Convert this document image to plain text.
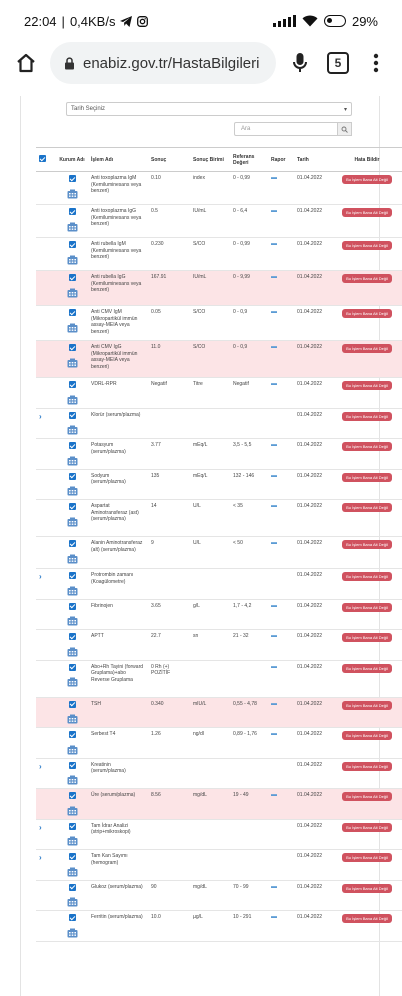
22:04 | 0,4KB/s	29%
enabiz.gov.tr/HastaBilgileri	5
Tarih Seçiniz	▾
Ara
	Kurum Adı	İşlem Adı	Sonuç	Sonuç Birimi	Referans Değeri	Rapor	Tarih	Hata Bildir

	Anti toxoplazma IgM (Kemiluminesans veya benzeri)	0.10	index	0 - 0,99	▬	01.04.2022	Bu İşlem Bana Ait Değil

	Anti toxoplazma IgG (Kemiluminesans veya benzeri)	0.5	IU/mL	0 - 6,4	▬	01.04.2022	Bu İşlem Bana Ait Değil

	Anti rubella IgM (Kemiluminesans veya benzeri)	0.230	S/CO	0 - 0,99	▬	01.04.2022	Bu İşlem Bana Ait Değil

	Anti rubella IgG (Kemiluminesans veya benzeri)	167.91	IU/mL	0 - 9,99	▬	01.04.2022	Bu İşlem Bana Ait Değil

	Anti CMV IgM (Mikropartikül immün assay-MEIA veya benzeri)	0.05	S/CO	0 - 0,9	▬	01.04.2022	Bu İşlem Bana Ait Değil

	Anti CMV IgG (Mikropartikül immün assay-MEIA veya benzeri)	11.0	S/CO	0 - 0,9	▬	01.04.2022	Bu İşlem Bana Ait Değil

	VDRL-RPR	Negatif	Titre	Negatif	▬	01.04.2022	Bu İşlem Bana Ait Değil
›		Klorür (serum/plazma)					01.04.2022	Bu İşlem Bana Ait Değil

	Potasyum (serum/plazma)	3.77	mEq/L	3,5 - 5,5	▬	01.04.2022	Bu İşlem Bana Ait Değil

	Sodyum (serum/plazma)	135	mEq/L	132 - 146	▬	01.04.2022	Bu İşlem Bana Ait Değil

	Aspartat Aminotransferaz (ast) (serum/plazma)	14	U/L	< 35	▬	01.04.2022	Bu İşlem Bana Ait Değil

	Alanin Aminotransferaz (alt) (serum/plazma)	9	U/L	< 50	▬	01.04.2022	Bu İşlem Bana Ait Değil
›		Protrombin zamanı (Koagülometre)					01.04.2022	Bu İşlem Bana Ait Değil

	Fibrinojen	3.65	g/L	1,7 - 4,2	▬	01.04.2022	Bu İşlem Bana Ait Değil

	APTT	22.7	sn	21 - 32	▬	01.04.2022	Bu İşlem Bana Ait Değil

	Abo+Rh Tayini (forward Gruplama)+abo Reverse Gruplama	0 Rh (+) POZİTİF			▬	01.04.2022	Bu İşlem Bana Ait Değil

	TSH	0.340	mIU/L	0,55 - 4,78	▬	01.04.2022	Bu İşlem Bana Ait Değil

	Serbest T4	1.26	ng/dl	0,89 - 1,76	▬	01.04.2022	Bu İşlem Bana Ait Değil
›		Kreatinin (serum/plazma)					01.04.2022	Bu İşlem Bana Ait Değil

	Üre (serum/plazma)	8.56	mg/dL	19 - 49	▬	01.04.2022	Bu İşlem Bana Ait Değil
›		Tam İdrar Analizi (strip+mikroskopi)					01.04.2022	Bu İşlem Bana Ait Değil
›		Tam Kan Sayımı (hemogram)					01.04.2022	Bu İşlem Bana Ait Değil

	Glukoz (serum/plazma)	90	mg/dL	70 - 99	▬	01.04.2022	Bu İşlem Bana Ait Değil

	Ferritin (serum/plazma)	10.0	µg/L	10 - 291	▬	01.04.2022	Bu İşlem Bana Ait Değil
